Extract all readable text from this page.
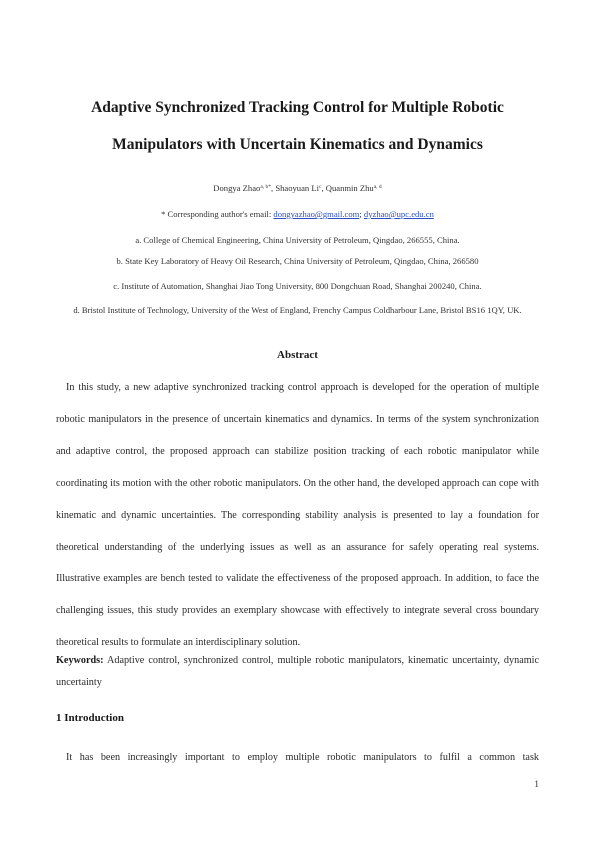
Adaptive Synchronized Tracking Control for Multiple Robotic
Manipulators with Uncertain Kinematics and Dynamics
Dongya Zhao$^{a, b*}$, Shaoyuan Li$^c$, Quanmin Zhu$^{a, d}$
* Corresponding author's email: dongyazhao@gmail.com; dyzhao@upc.edu.cn
a. College of Chemical Engineering, China University of Petroleum, Qingdao, 266555, China.
b. State Key Laboratory of Heavy Oil Research, China University of Petroleum, Qingdao, China, 266580
c. Institute of Automation, Shanghai Jiao Tong University, 800 Dongchuan Road, Shanghai 200240, China.
d. Bristol Institute of Technology, University of the West of England, Frenchy Campus Coldharbour Lane, Bristol BS16 1QY, UK.
Abstract

In this study, a new adaptive synchronized tracking control approach is developed for the operation of multiple robotic manipulators in the presence of uncertain kinematics and dynamics. In terms of the system synchronization and adaptive control, the proposed approach can stabilize position tracking of each robotic manipulator while coordinating its motion with the other robotic manipulators. On the other hand, the developed approach can cope with kinematic and dynamic uncertainties. The corresponding stability analysis is presented to lay a foundation for theoretical understanding of the underlying issues as well as an assurance for safely operating real systems. Illustrative examples are bench tested to validate the effectiveness of the proposed approach. In addition, to face the challenging issues, this study provides an exemplary showcase with effectively to integrate several cross boundary theoretical results to formulate an interdisciplinary solution.

Keywords: Adaptive control, synchronized control, multiple robotic manipulators, kinematic uncertainty, dynamic uncertainty
1 Introduction
It has been increasingly important to employ multiple robotic manipulators to fulfil a common task
1
